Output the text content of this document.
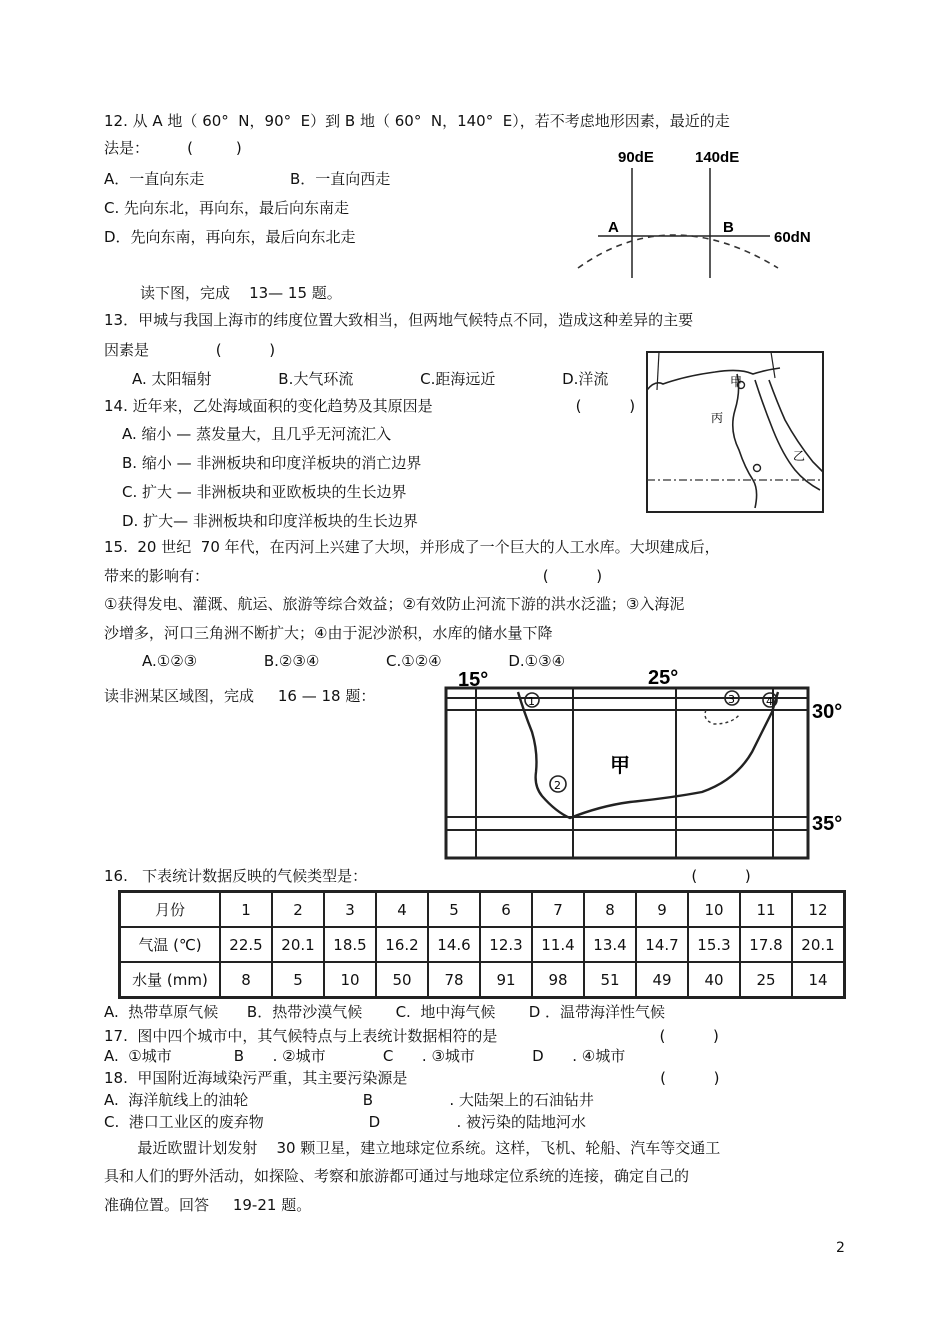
12. 从 A 地（ 60°  N，90°  E）到 B 地（ 60°  N，140°  E），若不考虑地形因素，最近的走
法是：        (         )
A．一直向东走	B．一直向西走
C. 先向东北，再向东，最后向东南走
D．先向东南，再向东，最后向东北走
90dE	140dE
A	B
60dN
读下图，完成    13— 15 题。
13．甲城与我国上海市的纬度位置大致相当，但两地气候特点不同，造成这种差异的主要
因素是              (          )
A. 太阳辐射              B.大气环流              C.距海远近              D.洋流	甲
丙
乙
14. 近年来，乙处海域面积的变化趋势及其原因是                              (          )
A. 缩小 — 蒸发量大，且几乎无河流汇入
B. 缩小 — 非洲板块和印度洋板块的消亡边界
C. 扩大 — 非洲板块和亚欧板块的生长边界
D. 扩大— 非洲板块和印度洋板块的生长边界
15.  20 世纪  70 年代，在丙河上兴建了大坝，并形成了一个巨大的人工水库。大坝建成后，
带来的影响有：                                                                      (          )
①获得发电、灌溉、航运、旅游等综合效益；②有效防止河流下游的洪水泛滥；③入海泥
沙增多，河口三角洲不断扩大；④由于泥沙淤积，水库的储水量下降
A.①②③              B.②③④              C.①②④              D.①③④
读非洲某区域图，完成     16 — 18 题：
15°	25°
30°
35°
1
2
3	4
甲
16.   下表统计数据反映的气候类型是：                                                                    (          )
月份	1	2	3	4	5	6	7	8	9	10	11	12
气温 (℃)	22.5	20.1	18.5	16.2	14.6	12.3	11.4	13.4	14.7	15.3	17.8	20.1
水量 (mm)	8	5	10	50	78	91	98	51	49	40	25	14
A.  热带草原气候      B．热带沙漠气候       C.  地中海气候       D ．温带海洋性气候
17.  图中四个城市中，其气候特点与上表统计数据相符的是                                  (          )
A.  ①城市             B      . ②城市            C      . ③城市            D      . ④城市
18.  甲国附近海域染污严重，其主要污染源是                                                     (          )
A.  海洋航线上的油轮                        B                . 大陆架上的石油钻井
C.  港口工业区的废弃物                      D                . 被污染的陆地河水
最近欧盟计划发射    30 颗卫星，建立地球定位系统。这样，飞机、轮船、汽车等交通工
具和人们的野外活动，如探险、考察和旅游都可通过与地球定位系统的连接，确定自己的
准确位置。回答     19-21 题。
2
